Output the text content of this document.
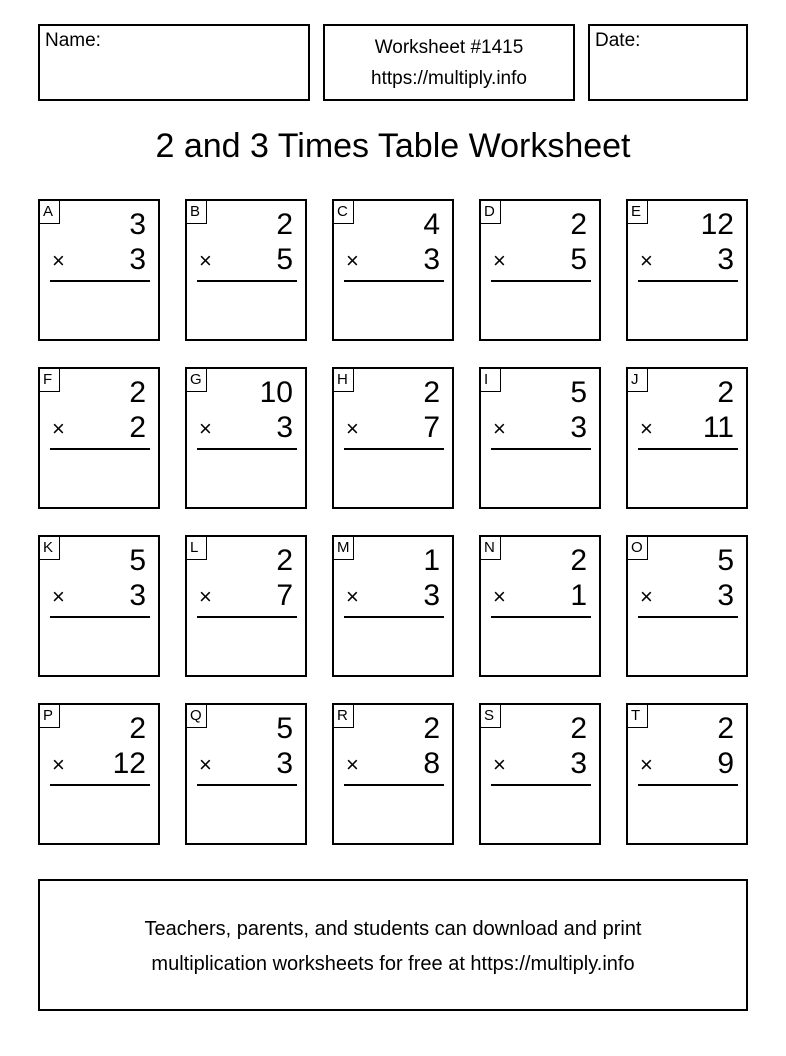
Name:	Worksheet #1415
https://multiply.info
Date:
2 and 3 Times Table Worksheet
A	3
× 3
B	2
× 5
C	4
× 3
D	2
× 5
E 12
× 3
F	2
× 2
G 10
× 3
H	2
× 7
I	5
× 3
J	2
× 11
K	5
× 3
L	2
× 7
M 1
× 3
N	2
× 1
O 5
× 3
P	2
× 12
Q 5
× 3
R	2
× 8
S	2
× 3
T	2
× 9
Teachers, parents, and students can download and print
multiplication worksheets for free at https://multiply.info
